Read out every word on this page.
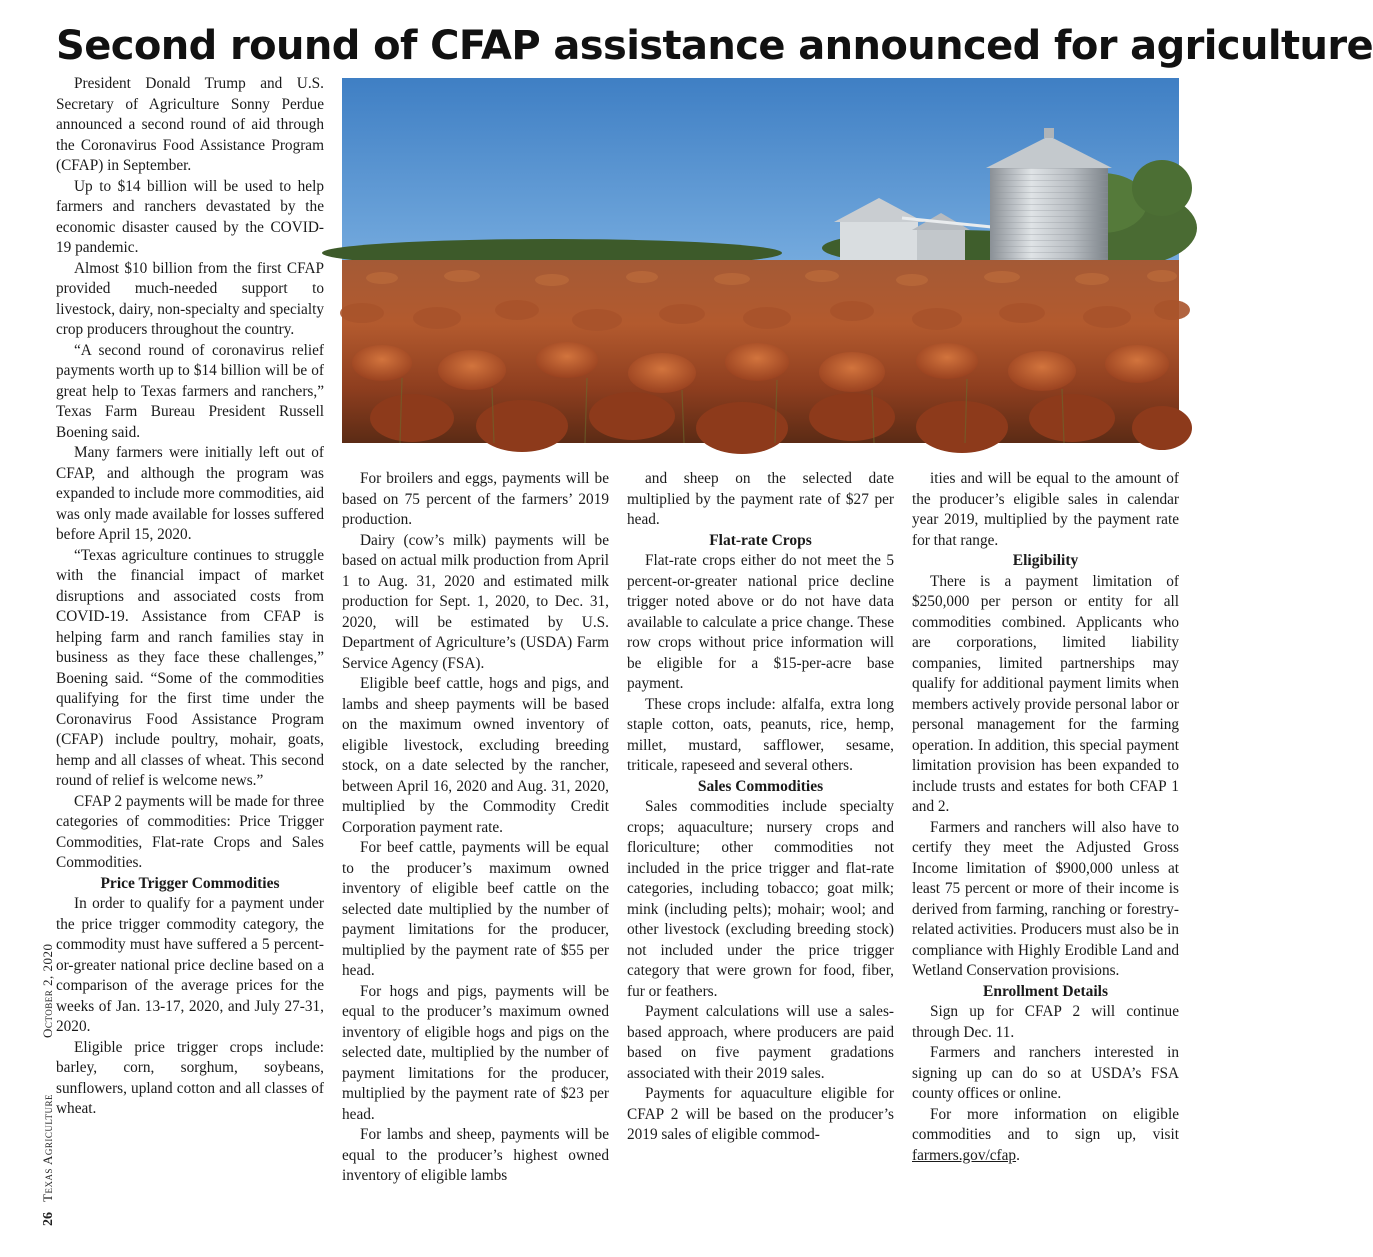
Second round of CFAP assistance announced for agriculture

President Donald Trump and U.S. Secretary of Agriculture Sonny Perdue announced a second round of aid through the Coronavirus Food Assistance Program (CFAP) in September.

Up to $14 billion will be used to help farmers and ranchers devastated by the economic disaster caused by the COVID-19 pandemic.

Almost $10 billion from the first CFAP provided much-needed support to livestock, dairy, non-specialty and specialty crop producers throughout the country.

“A second round of coronavirus relief payments worth up to $14 billion will be of great help to Texas farmers and ranchers,” Texas Farm Bureau President Russell Boening said.

Many farmers were initially left out of CFAP, and although the program was expanded to include more commodities, aid was only made available for losses suffered before April 15, 2020.

“Texas agriculture continues to struggle with the financial impact of market disruptions and associated costs from COVID-19. Assistance from CFAP is helping farm and ranch families stay in business as they face these challenges,” Boening said. “Some of the commodities qualifying for the first time under the Coronavirus Food Assistance Program (CFAP) include poultry, mohair, goats, hemp and all classes of wheat. This second round of relief is welcome news.”

CFAP 2 payments will be made for three categories of commodities: Price Trigger Commodities, Flat-rate Crops and Sales Commodities.

Price Trigger Commodities

In order to qualify for a payment under the price trigger commodity category, the commodity must have suffered a 5 percent-or-greater national price decline based on a comparison of the average prices for the weeks of Jan. 13-17, 2020, and July 27-31, 2020.

Eligible price trigger crops include: barley, corn, sorghum, soybeans, sunflowers, upland cotton and all classes of wheat.

For broilers and eggs, payments will be based on 75 percent of the farmers’ 2019 production.

Dairy (cow’s milk) payments will be based on actual milk production from April 1 to Aug. 31, 2020 and estimated milk production for Sept. 1, 2020, to Dec. 31, 2020, will be estimated by U.S. Department of Agriculture’s (USDA) Farm Service Agency (FSA).

Eligible beef cattle, hogs and pigs, and lambs and sheep payments will be based on the maximum owned inventory of eligible livestock, excluding breeding stock, on a date selected by the rancher, between April 16, 2020 and Aug. 31, 2020, multiplied by the Commodity Credit Corporation payment rate.

For beef cattle, payments will be equal to the producer’s maximum owned inventory of eligible beef cattle on the selected date multiplied by the number of payment limitations for the producer, multiplied by the payment rate of $55 per head.

For hogs and pigs, payments will be equal to the producer’s maximum owned inventory of eligible hogs and pigs on the selected date, multiplied by the number of payment limitations for the producer, multiplied by the payment rate of $23 per head.

For lambs and sheep, payments will be equal to the producer’s highest owned inventory of eligible lambs

and sheep on the selected date multiplied by the payment rate of $27 per head.

Flat-rate Crops

Flat-rate crops either do not meet the 5 percent-or-greater national price decline trigger noted above or do not have data available to calculate a price change. These row crops without price information will be eligible for a $15-per-acre base payment.

These crops include: alfalfa, extra long staple cotton, oats, peanuts, rice, hemp, millet, mustard, safflower, sesame, triticale, rapeseed and several others.

Sales Commodities

Sales commodities include specialty crops; aquaculture; nursery crops and floriculture; other commodities not included in the price trigger and flat-rate categories, including tobacco; goat milk; mink (including pelts); mohair; wool; and other livestock (excluding breeding stock) not included under the price trigger category that were grown for food, fiber, fur or feathers.

Payment calculations will use a sales-based approach, where producers are paid based on five payment gradations associated with their 2019 sales.

Payments for aquaculture eligible for CFAP 2 will be based on the producer’s 2019 sales of eligible commod-

ities and will be equal to the amount of the producer’s eligible sales in calendar year 2019, multiplied by the payment rate for that range.

Eligibility

There is a payment limitation of $250,000 per person or entity for all commodities combined. Applicants who are corporations, limited liability companies, limited partnerships may qualify for additional payment limits when members actively provide personal labor or personal management for the farming operation. In addition, this special payment limitation provision has been expanded to include trusts and estates for both CFAP 1 and 2.

Farmers and ranchers will also have to certify they meet the Adjusted Gross Income limitation of $900,000 unless at least 75 percent or more of their income is derived from farming, ranching or forestry-related activities. Producers must also be in compliance with Highly Erodible Land and Wetland Conservation provisions.

Enrollment Details

Sign up for CFAP 2 will continue through Dec. 11.

Farmers and ranchers interested in signing up can do so at USDA’s FSA county offices or online.

For more information on eligible commodities and to sign up, visit farmers.gov/cfap.

26Texas AgricultureOctober 2, 2020
